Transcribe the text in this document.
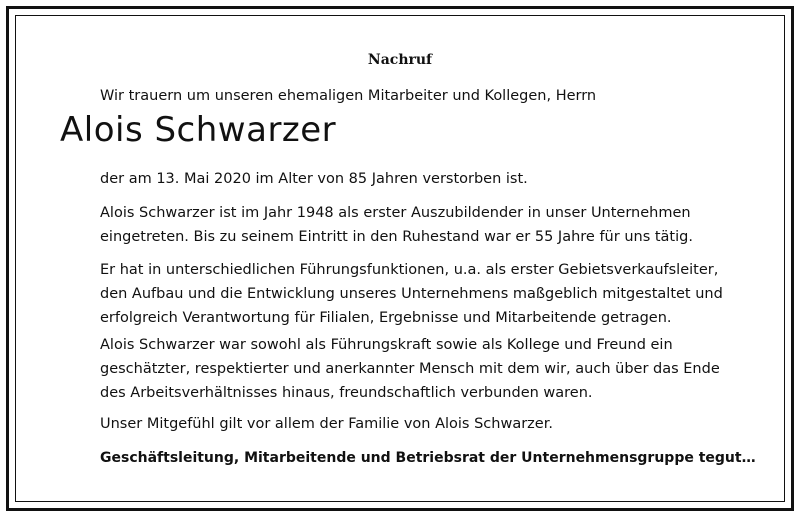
Nachruf
Wir trauern um unseren ehemaligen Mitarbeiter und Kollegen, Herrn
Alois Schwarzer
der am 13. Mai 2020 im Alter von 85 Jahren verstorben ist.
Alois Schwarzer ist im Jahr 1948 als erster Auszubildender in unser Unternehmen
eingetreten. Bis zu seinem Eintritt in den Ruhestand war er 55 Jahre für uns tätig.
Er hat in unterschiedlichen Führungsfunktionen, u.a. als erster Gebietsverkaufsleiter,
den Aufbau und die Entwicklung unseres Unternehmens maßgeblich mitgestaltet und
erfolgreich Verantwortung für Filialen, Ergebnisse und Mitarbeitende getragen.
Alois Schwarzer war sowohl als Führungskraft sowie als Kollege und Freund ein
geschätzter, respektierter und anerkannter Mensch mit dem wir, auch über das Ende
des Arbeitsverhältnisses hinaus, freundschaftlich verbunden waren.
Unser Mitgefühl gilt vor allem der Familie von Alois Schwarzer.
Geschäftsleitung, Mitarbeitende und Betriebsrat der Unternehmensgruppe tegut…
